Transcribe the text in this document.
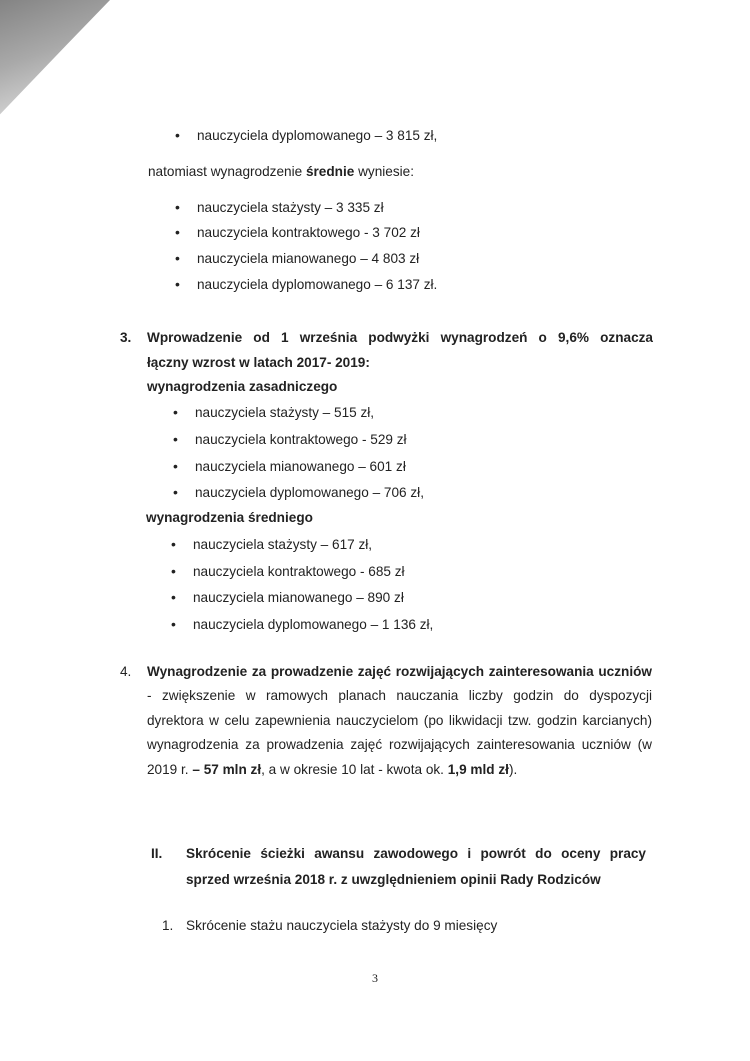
• nauczyciela dyplomowanego – 3 815 zł,
natomiast wynagrodzenie średnie wyniesie:
• nauczyciela stażysty – 3 335 zł
• nauczyciela kontraktowego - 3 702 zł
• nauczyciela mianowanego – 4 803 zł
• nauczyciela dyplomowanego – 6 137 zł.
3. Wprowadzenie od 1 września podwyżki wynagrodzeń o 9,6% oznacza
łączny wzrost w latach 2017- 2019:
wynagrodzenia zasadniczego
• nauczyciela stażysty – 515 zł,
• nauczyciela kontraktowego - 529 zł
• nauczyciela mianowanego – 601 zł
• nauczyciela dyplomowanego – 706 zł,
wynagrodzenia średniego
• nauczyciela stażysty – 617 zł,
• nauczyciela kontraktowego - 685 zł
• nauczyciela mianowanego – 890 zł
• nauczyciela dyplomowanego – 1 136 zł,
4. Wynagrodzenie za prowadzenie zajęć rozwijających zainteresowania uczniów - zwiększenie w ramowych planach nauczania liczby godzin do dyspozycji dyrektora w celu zapewnienia nauczycielom (po likwidacji tzw. godzin karcianych) wynagrodzenia za prowadzenia zajęć rozwijających zainteresowania uczniów (w 2019 r. – 57 mln zł, a w okresie 10 lat - kwota ok. 1,9 mld zł).
II. Skrócenie ścieżki awansu zawodowego i powrót do oceny pracy
sprzed września 2018 r. z uwzględnieniem opinii Rady Rodziców
1. Skrócenie stażu nauczyciela stażysty do 9 miesięcy
3
